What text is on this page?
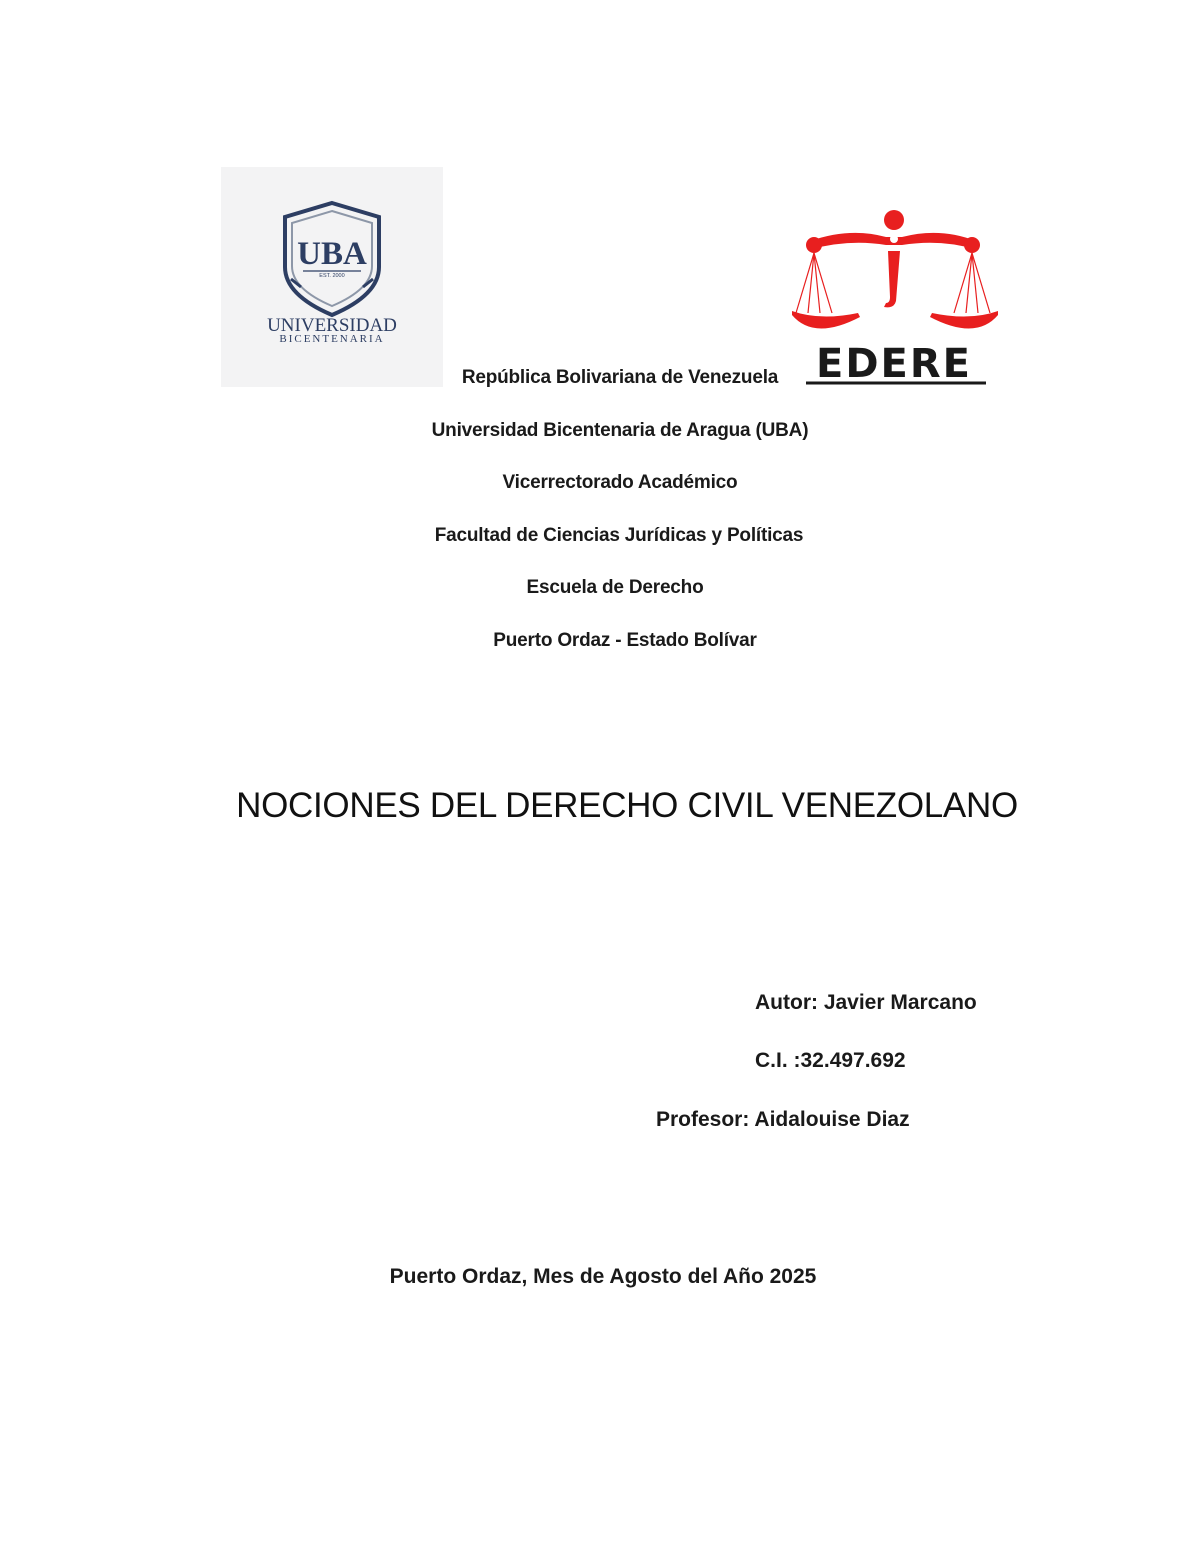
UBA
EST. 2000
UNIVERSIDAD
BICENTENARIA
EDERE
República Bolivariana de Venezuela
Universidad Bicentenaria de Aragua (UBA)
Vicerrectorado Académico
Facultad de Ciencias Jurídicas y Políticas
Escuela de Derecho
Puerto Ordaz - Estado Bolívar
NOCIONES DEL DERECHO CIVIL VENEZOLANO
Autor: Javier Marcano
C.I. :32.497.692
Profesor: Aidalouise Diaz
Puerto Ordaz, Mes de Agosto del Año 2025
